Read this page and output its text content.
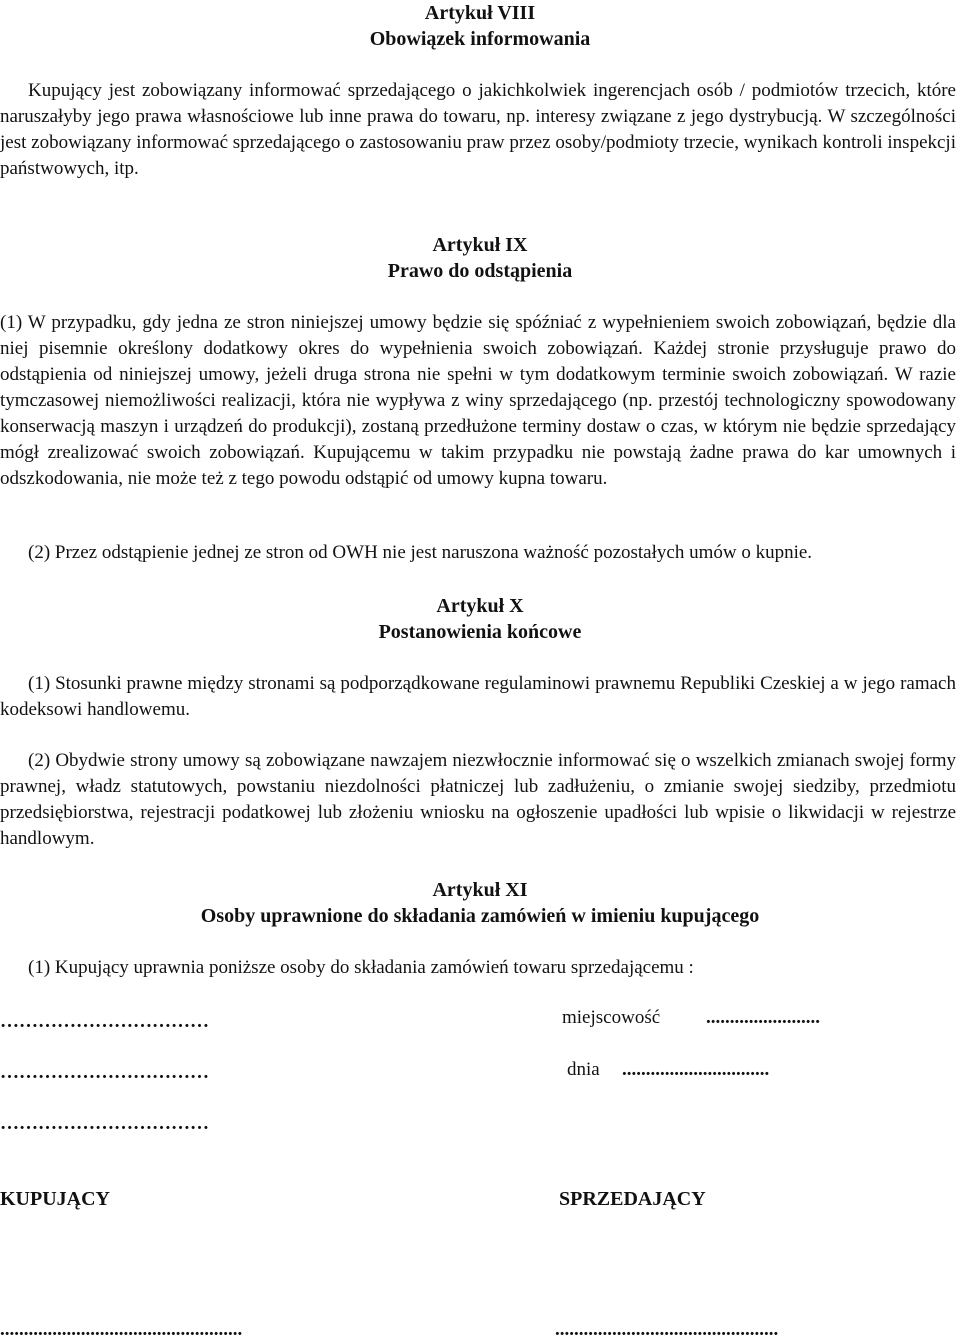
Artykuł VIII
Obowiązek informowania

Kupujący jest zobowiązany informować sprzedającego o jakichkolwiek ingerencjach osób / podmiotów trzecich, które naruszałyby jego prawa własnościowe lub inne prawa do towaru, np. interesy związane z jego dystrybucją. W szczególności jest zobowiązany informować sprzedającego o zastosowaniu praw przez osoby/podmioty trzecie, wynikach kontroli inspekcji państwowych, itp.

Artykuł IX
Prawo do odstąpienia

(1) W przypadku, gdy jedna ze stron niniejszej umowy będzie się spóźniać z wypełnieniem swoich zobowiązań, będzie dla niej pisemnie określony dodatkowy okres do wypełnienia swoich zobowiązań. Każdej stronie przysługuje prawo do odstąpienia od niniejszej umowy, jeżeli druga strona nie spełni w tym dodatkowym terminie swoich zobowiązań. W razie tymczasowej niemożliwości realizacji, która nie wypływa z winy sprzedającego (np. przestój technologiczny spowodowany konserwacją maszyn i urządzeń do produkcji), zostaną przedłużone terminy dostaw o czas, w którym nie będzie sprzedający mógł zrealizować swoich zobowiązań. Kupującemu w takim przypadku nie powstają żadne prawa do kar umownych i odszkodowania, nie może też z tego powodu odstąpić od umowy kupna towaru.

(2) Przez odstąpienie jednej ze stron od OWH nie jest naruszona ważność pozostałych umów o kupnie.

Artykuł X
Postanowienia końcowe

(1) Stosunki prawne między stronami są podporządkowane regulaminowi prawnemu Republiki Czeskiej a w jego ramach kodeksowi handlowemu.

(2) Obydwie strony umowy są zobowiązane nawzajem niezwłocznie informować się o wszelkich zmianach swojej formy prawnej, władz statutowych, powstaniu niezdolności płatniczej lub zadłużeniu, o zmianie swojej siedziby, przedmiotu przedsiębiorstwa, rejestracji podatkowej lub złożeniu wniosku na ogłoszenie upadłości lub wpisie o likwidacji w rejestrze handlowym.

Artykuł XI
Osoby uprawnione do składania zamówień w imieniu kupującego

(1) Kupujący uprawnia poniższe osoby do składania zamówień towaru sprzedającemu :

……………………………
……………………………
……………………………
miejscowość ........................
dnia ...............................
KUPUJĄCY	SPRZEDAJĄCY
...................................................	...............................................
